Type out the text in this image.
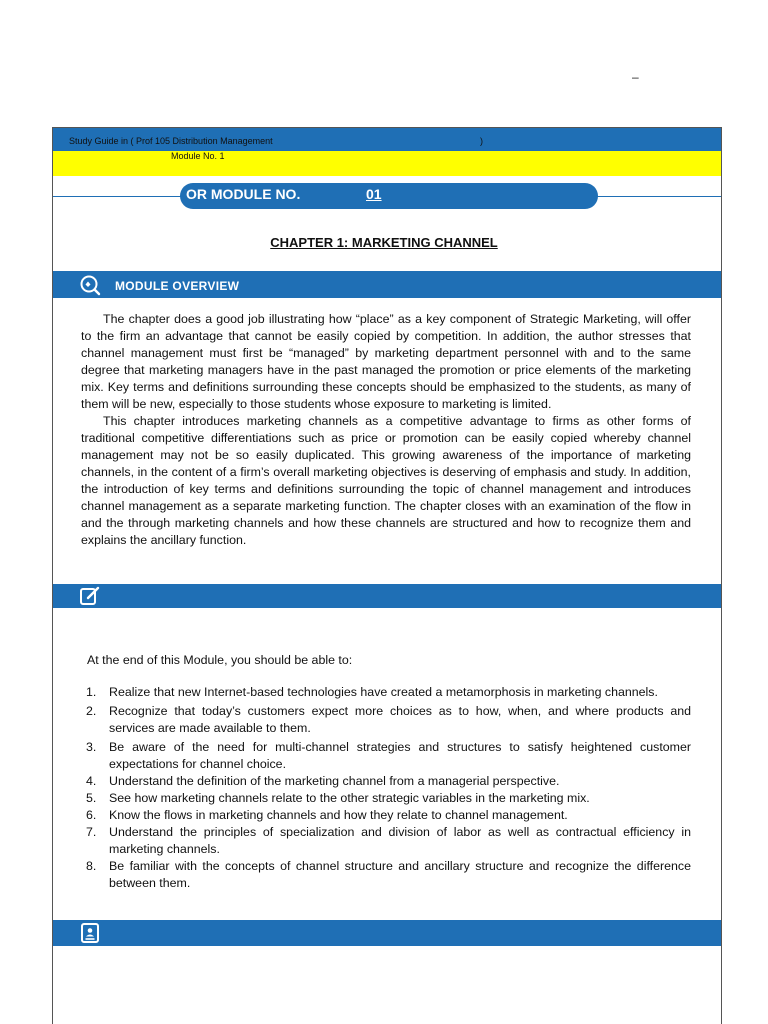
–
Study Guide in ( Prof 105 Distribution Management	)
Module No. 1
OR MODULE NO.	01
CHAPTER 1: MARKETING CHANNEL
MODULE OVERVIEW

The chapter does a good job illustrating how “place” as a key component of Strategic Marketing, will offer to the firm an advantage that cannot be easily copied by competition. In addition, the author stresses that channel management must first be “managed” by marketing department personnel with and to the same degree that marketing managers have in the past managed the promotion or price elements of the marketing mix. Key terms and definitions surrounding these concepts should be emphasized to the students, as many of them will be new, especially to those students whose exposure to marketing is limited.

This chapter introduces marketing channels as a competitive advantage to firms as other forms of traditional competitive differentiations such as price or promotion can be easily copied whereby channel management may not be so easily duplicated. This growing awareness of the importance of marketing channels, in the content of a firm’s overall marketing objectives is deserving of emphasis and study. In addition, the introduction of key terms and definitions surrounding the topic of channel management and introduces channel management as a separate marketing function. The chapter closes with an examination of the flow in and the through marketing channels and how these channels are structured and how to recognize them and explains the ancillary function.

At the end of this Module, you should be able to:
1. Realize that new Internet-based technologies have created a metamorphosis in marketing channels.
2. Recognize that today’s customers expect more choices as to how, when, and where products and services are made available to them.
3. Be aware of the need for multi-channel strategies and structures to satisfy heightened customer expectations for channel choice.
4. Understand the definition of the marketing channel from a managerial perspective.
5. See how marketing channels relate to the other strategic variables in the marketing mix.
6. Know the flows in marketing channels and how they relate to channel management.
7. Understand the principles of specialization and division of labor as well as contractual efficiency in marketing channels.
8. Be familiar with the concepts of channel structure and ancillary structure and recognize the difference between them.
